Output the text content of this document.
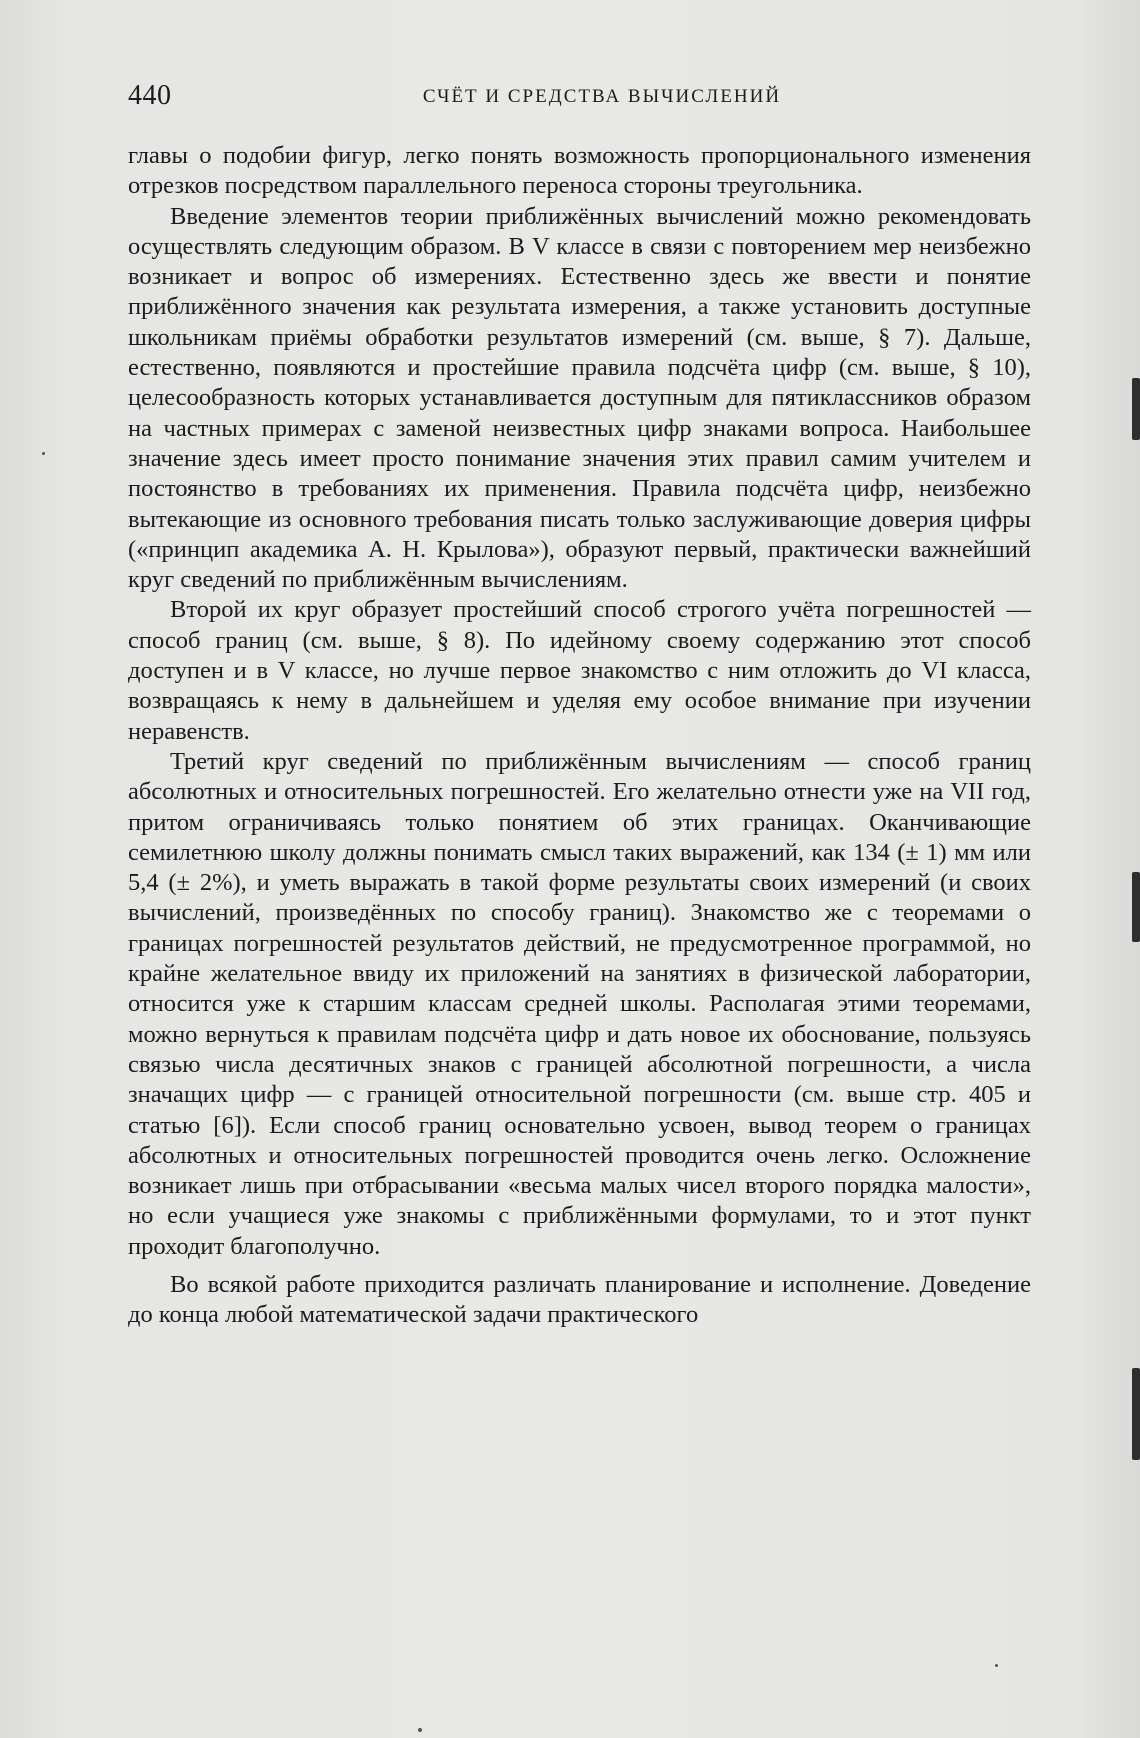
440	СЧЁТ И СРЕДСТВА ВЫЧИСЛЕНИЙ

главы о подобии фигур, легко понять возможность пропорционального изменения отрезков посредством параллельного переноса стороны треугольника.

Введение элементов теории приближённых вычислений можно рекомендовать осуществлять следующим образом. В V классе в связи с повторением мер неизбежно возникает и вопрос об измерениях. Естественно здесь же ввести и понятие приближённого значения как результата измерения, а также установить доступные школьникам приёмы обработки результатов измерений (см. выше, § 7). Дальше, естественно, появляются и простейшие правила подсчёта цифр (см. выше, § 10), целесообразность которых устанавливается доступным для пятиклассников образом на частных примерах с заменой неизвестных цифр знаками вопроса. Наибольшее значение здесь имеет просто понимание значения этих правил самим учителем и постоянство в требованиях их применения. Правила подсчёта цифр, неизбежно вытекающие из основного требования писать только заслуживающие доверия цифры («принцип академика А. Н. Крылова»), образуют первый, практически важнейший круг сведений по приближённым вычислениям.

Второй их круг образует простейший способ строгого учёта погрешностей — способ границ (см. выше, § 8). По идейному своему содержанию этот способ доступен и в V классе, но лучше первое знакомство с ним отложить до VI класса, возвращаясь к нему в дальнейшем и уделяя ему особое внимание при изучении неравенств.

Третий круг сведений по приближённым вычислениям — способ границ абсолютных и относительных погрешностей. Его желательно отнести уже на VII год, притом ограничиваясь только понятием об этих границах. Оканчивающие семилетнюю школу должны понимать смысл таких выражений, как 134 (± 1) мм или 5,4 (± 2%), и уметь выражать в такой форме результаты своих измерений (и своих вычислений, произведённых по способу границ). Знакомство же с теоремами о границах погрешностей результатов действий, не предусмотренное программой, но крайне желательное ввиду их приложений на занятиях в физической лаборатории, относится уже к старшим классам средней школы. Располагая этими теоремами, можно вернуться к правилам подсчёта цифр и дать новое их обоснование, пользуясь связью числа десятичных знаков с границей абсолютной погрешности, а числа значащих цифр — с границей относительной погрешности (см. выше стр. 405 и статью [6]). Если способ границ основательно усвоен, вывод теорем о границах абсолютных и относительных погрешностей проводится очень легко. Осложнение возникает лишь при отбрасывании «весьма малых чисел второго порядка малости», но если учащиеся уже знакомы с приближёнными формулами, то и этот пункт проходит благополучно.

Во всякой работе приходится различать планирование и исполнение. Доведение до конца любой математической задачи практического
